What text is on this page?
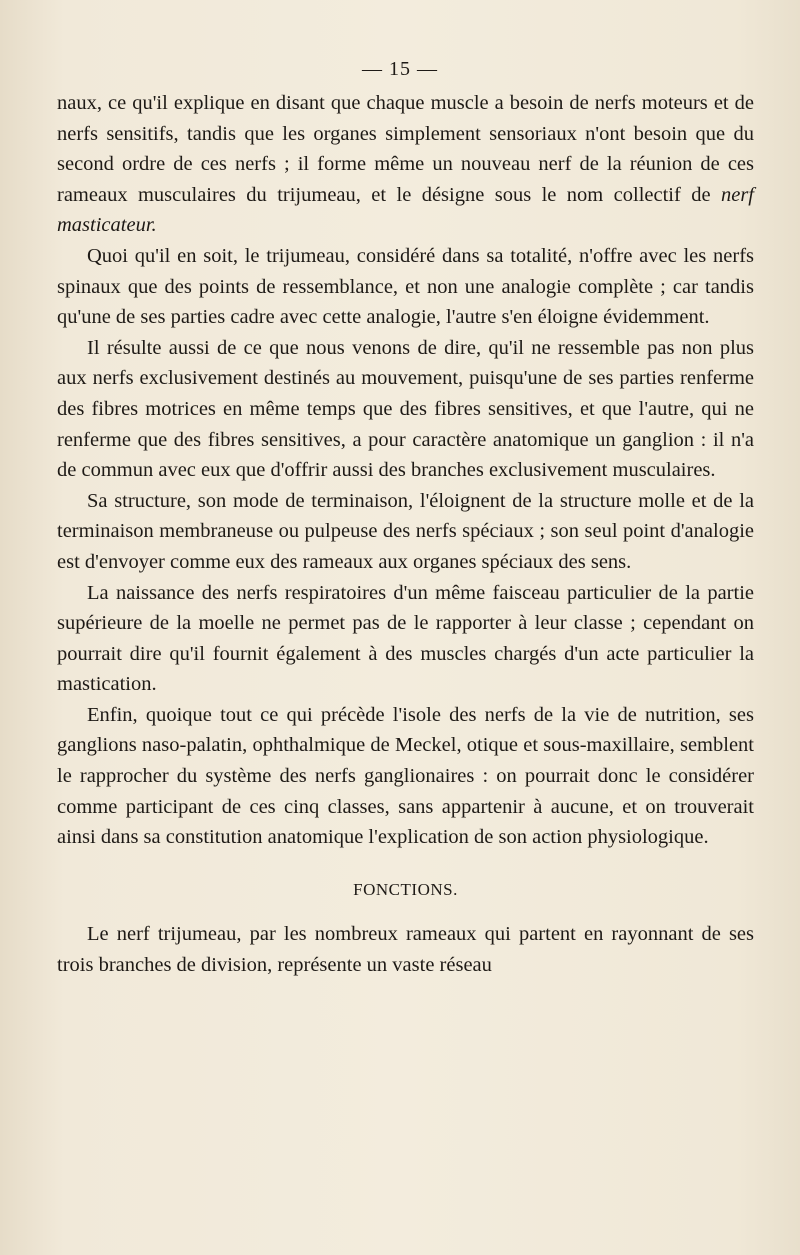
— 15 —

naux, ce qu'il explique en disant que chaque muscle a besoin de nerfs moteurs et de nerfs sensitifs, tandis que les organes simplement sensoriaux n'ont besoin que du second ordre de ces nerfs ; il forme même un nouveau nerf de la réunion de ces rameaux musculaires du trijumeau, et le désigne sous le nom collectif de nerf masticateur.

Quoi qu'il en soit, le trijumeau, considéré dans sa totalité, n'offre avec les nerfs spinaux que des points de ressemblance, et non une analogie complète ; car tandis qu'une de ses parties cadre avec cette analogie, l'autre s'en éloigne évidemment.

Il résulte aussi de ce que nous venons de dire, qu'il ne ressemble pas non plus aux nerfs exclusivement destinés au mouvement, puisqu'une de ses parties renferme des fibres motrices en même temps que des fibres sensitives, et que l'autre, qui ne renferme que des fibres sensitives, a pour caractère anatomique un ganglion : il n'a de commun avec eux que d'offrir aussi des branches exclusivement musculaires.

Sa structure, son mode de terminaison, l'éloignent de la structure molle et de la terminaison membraneuse ou pulpeuse des nerfs spéciaux ; son seul point d'analogie est d'envoyer comme eux des rameaux aux organes spéciaux des sens.

La naissance des nerfs respiratoires d'un même faisceau particulier de la partie supérieure de la moelle ne permet pas de le rapporter à leur classe ; cependant on pourrait dire qu'il fournit également à des muscles chargés d'un acte particulier la mastication.

Enfin, quoique tout ce qui précède l'isole des nerfs de la vie de nutrition, ses ganglions naso-palatin, ophthalmique de Meckel, otique et sous-maxillaire, semblent le rapprocher du système des nerfs ganglionaires : on pourrait donc le considérer comme participant de ces cinq classes, sans appartenir à aucune, et on trouverait ainsi dans sa constitution anatomique l'explication de son action physiologique.

FONCTIONS.

Le nerf trijumeau, par les nombreux rameaux qui partent en rayonnant de ses trois branches de division, représente un vaste réseau
